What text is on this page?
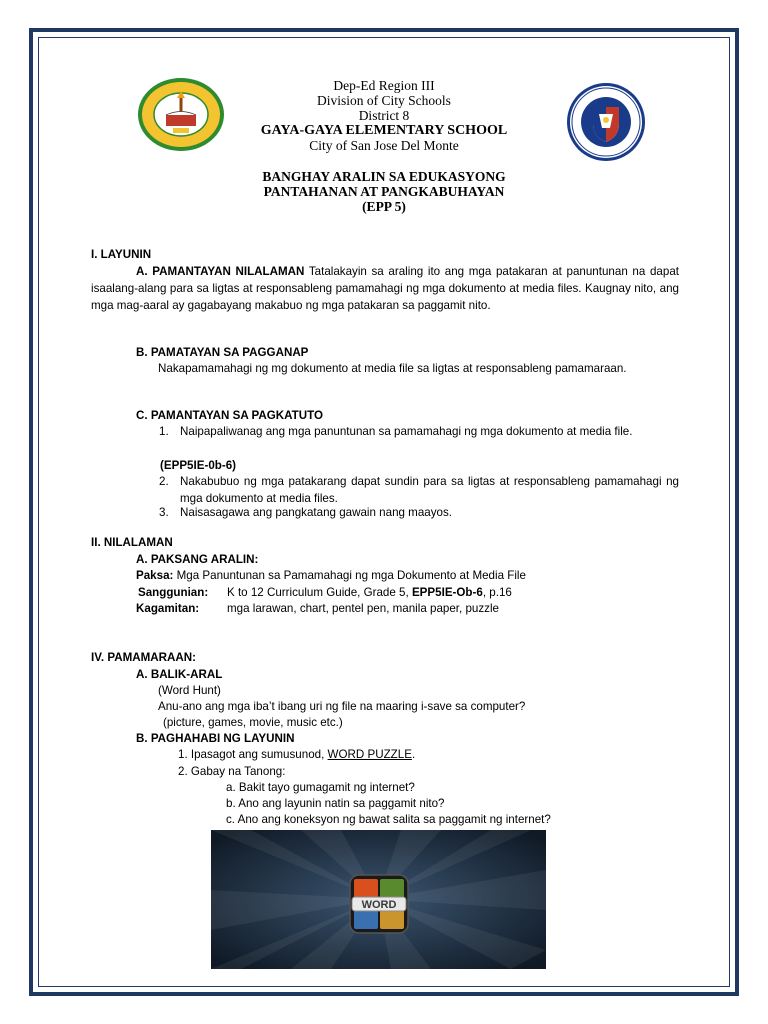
Dep-Ed Region III
Division of City Schools
District 8
GAYA-GAYA ELEMENTARY SCHOOL
City of San Jose Del Monte
BANGHAY ARALIN SA EDUKASYONG
PANTAHANAN AT PANGKABUHAYAN
(EPP 5)

I. LAYUNIN

A. PAMANTAYAN NILALAMAN Tatalakayin sa araling ito ang mga patakaran at panuntunan na dapat isaalang-alang para sa ligtas at responsableng pamamahagi ng mga dokumento at media files. Kaugnay nito, ang mga mag-aaral ay gagabayang makabuo ng mga patakaran sa paggamit nito.

B. PAMATAYAN SA PAGGANAP

Nakapamamahagi ng mg dokumento at media file sa ligtas at responsableng pamamaraan.

C. PAMANTAYAN SA PAGKATUTO

1. Naipapaliwanag ang mga panuntunan sa pamamahagi ng mga dokumento at media file.

(EPP5IE-0b-6)

2. Nakabubuo ng mga patakarang dapat sundin para sa ligtas at responsableng pamamahagi ng mga dokumento at media files.
3. Naisasagawa ang pangkatang gawain nang maayos.

II. NILALAMAN

A. PAKSANG ARALIN:

Paksa: Mga Panuntunan sa Pamamahagi ng mga Dokumento at Media File

Sanggunian: K to 12 Curriculum Guide, Grade 5, EPP5IE-Ob-6, p.16

Kagamitan: mga larawan, chart, pentel pen, manila paper, puzzle

IV. PAMAMARAAN:

A. BALIK-ARAL

(Word Hunt)

Anu-ano ang mga iba’t ibang uri ng file na maaring i-save sa computer?

(picture, games, movie, music etc.)

B. PAGHAHABI NG LAYUNIN

1. Ipasagot ang sumusunod, WORD PUZZLE.

2. Gabay na Tanong:

a. Bakit tayo gumagamit ng internet?

b. Ano ang layunin natin sa paggamit nito?

c. Ano ang koneksyon ng bawat salita sa paggamit ng internet?

WORD
